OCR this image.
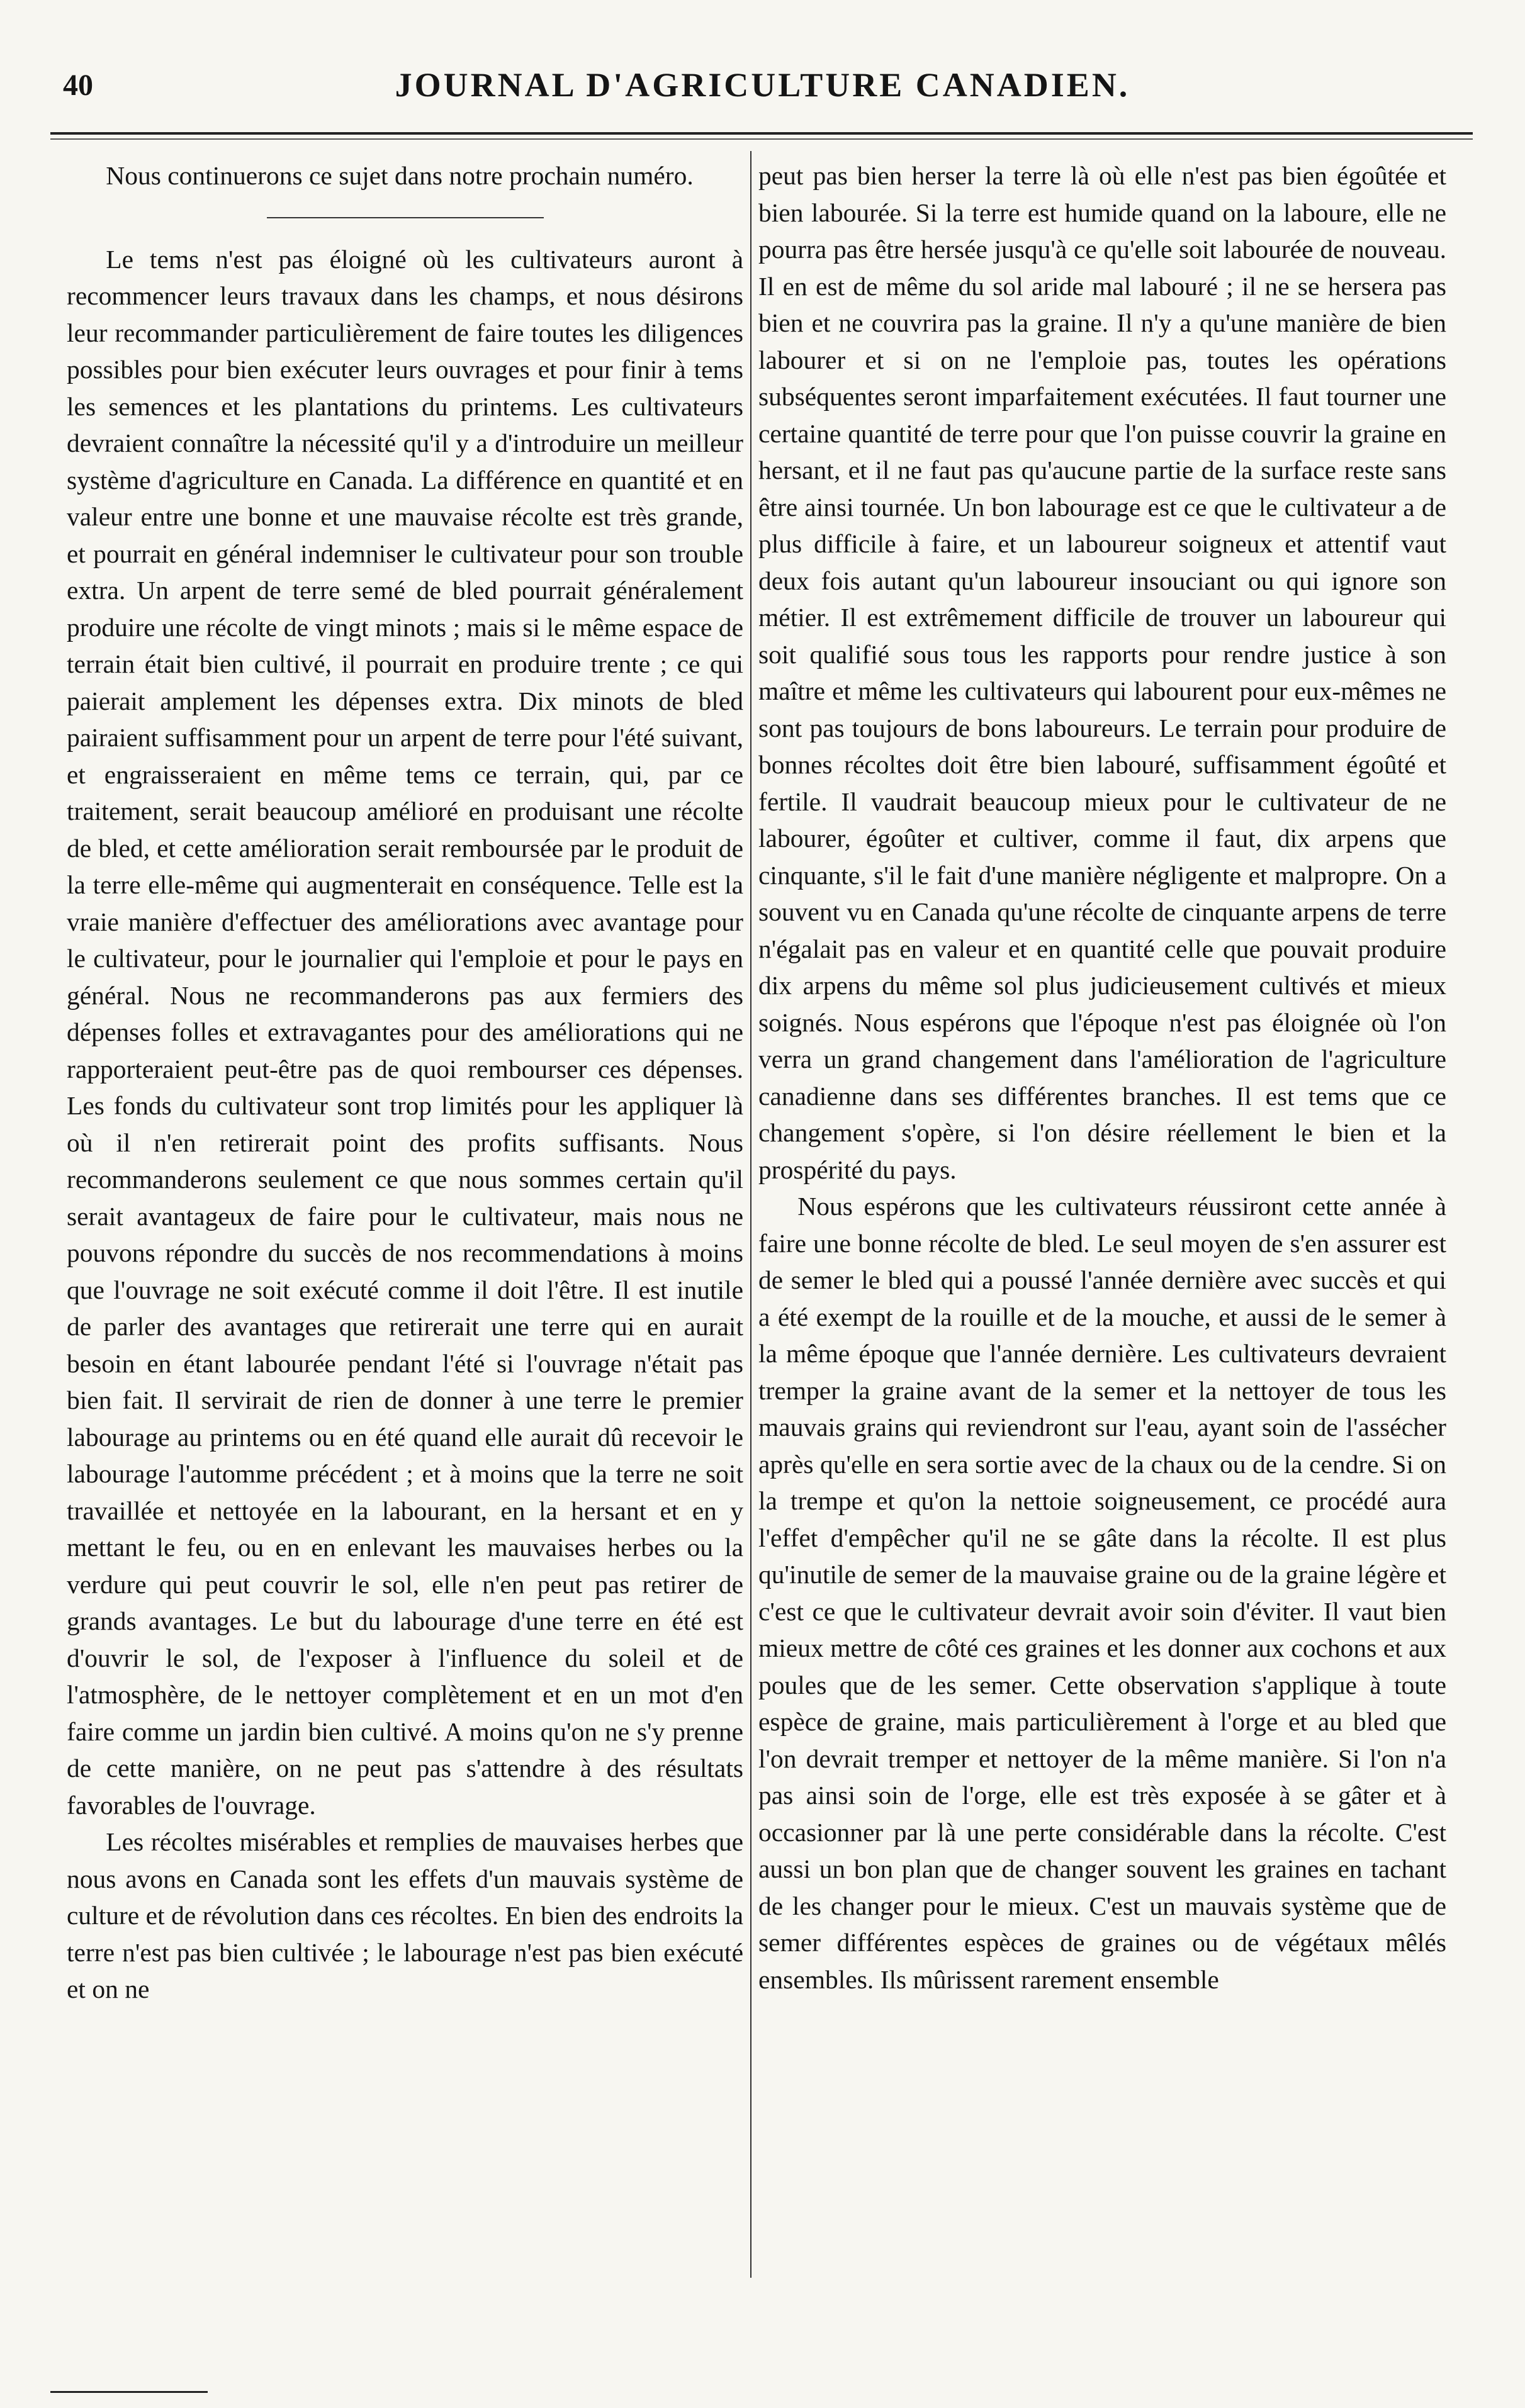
40	JOURNAL D'AGRICULTURE CANADIEN.

Nous continuerons ce sujet dans notre prochain numéro.

Le tems n'est pas éloigné où les cultivateurs auront à recommencer leurs travaux dans les champs, et nous désirons leur recommander particulièrement de faire toutes les diligences possibles pour bien exécuter leurs ouvrages et pour finir à tems les semences et les plantations du printems. Les cultivateurs devraient connaître la nécessité qu'il y a d'introduire un meilleur système d'agriculture en Canada. La différence en quantité et en valeur entre une bonne et une mauvaise récolte est très grande, et pourrait en général indemniser le cultivateur pour son trouble extra. Un arpent de terre semé de bled pourrait généralement produire une récolte de vingt minots ; mais si le même espace de terrain était bien cultivé, il pourrait en produire trente ; ce qui paierait amplement les dépenses extra. Dix minots de bled pairaient suffisamment pour un arpent de terre pour l'été suivant, et engraisseraient en même tems ce terrain, qui, par ce traitement, serait beaucoup amélioré en produisant une récolte de bled, et cette amélioration serait remboursée par le produit de la terre elle-même qui augmenterait en conséquence. Telle est la vraie manière d'effectuer des améliorations avec avantage pour le cultivateur, pour le journalier qui l'emploie et pour le pays en général. Nous ne recommanderons pas aux fermiers des dépenses folles et extravagantes pour des améliorations qui ne rapporteraient peut-être pas de quoi rembourser ces dépenses. Les fonds du cultivateur sont trop limités pour les appliquer là où il n'en retirerait point des profits suffisants. Nous recommanderons seulement ce que nous sommes certain qu'il serait avantageux de faire pour le cultivateur, mais nous ne pouvons répondre du succès de nos recommendations à moins que l'ouvrage ne soit exécuté comme il doit l'être. Il est inutile de parler des avantages que retirerait une terre qui en aurait besoin en étant labourée pendant l'été si l'ouvrage n'était pas bien fait. Il servirait de rien de donner à une terre le premier labourage au printems ou en été quand elle aurait dû recevoir le labourage l'automme précédent ; et à moins que la terre ne soit travaillée et nettoyée en la labourant, en la hersant et en y mettant le feu, ou en en enlevant les mauvaises herbes ou la verdure qui peut couvrir le sol, elle n'en peut pas retirer de grands avantages. Le but du labourage d'une terre en été est d'ouvrir le sol, de l'exposer à l'influence du soleil et de l'atmosphère, de le nettoyer complètement et en un mot d'en faire comme un jardin bien cultivé. A moins qu'on ne s'y prenne de cette manière, on ne peut pas s'attendre à des résultats favorables de l'ouvrage.

Les récoltes misérables et remplies de mauvaises herbes que nous avons en Canada sont les effets d'un mauvais système de culture et de révolution dans ces récoltes. En bien des endroits la terre n'est pas bien cultivée ; le labourage n'est pas bien exécuté et on ne

peut pas bien herser la terre là où elle n'est pas bien égoûtée et bien labourée. Si la terre est humide quand on la laboure, elle ne pourra pas être hersée jusqu'à ce qu'elle soit labourée de nouveau. Il en est de même du sol aride mal labouré ; il ne se hersera pas bien et ne couvrira pas la graine. Il n'y a qu'une manière de bien labourer et si on ne l'emploie pas, toutes les opérations subséquentes seront imparfaitement exécutées. Il faut tourner une certaine quantité de terre pour que l'on puisse couvrir la graine en hersant, et il ne faut pas qu'aucune partie de la surface reste sans être ainsi tournée. Un bon labourage est ce que le cultivateur a de plus difficile à faire, et un laboureur soigneux et attentif vaut deux fois autant qu'un laboureur insouciant ou qui ignore son métier. Il est extrêmement difficile de trouver un laboureur qui soit qualifié sous tous les rapports pour rendre justice à son maître et même les cultivateurs qui labourent pour eux-mêmes ne sont pas toujours de bons laboureurs. Le terrain pour produire de bonnes récoltes doit être bien labouré, suffisamment égoûté et fertile. Il vaudrait beaucoup mieux pour le cultivateur de ne labourer, égoûter et cultiver, comme il faut, dix arpens que cinquante, s'il le fait d'une manière négligente et malpropre. On a souvent vu en Canada qu'une récolte de cinquante arpens de terre n'égalait pas en valeur et en quantité celle que pouvait produire dix arpens du même sol plus judicieusement cultivés et mieux soignés. Nous espérons que l'époque n'est pas éloignée où l'on verra un grand changement dans l'amélioration de l'agriculture canadienne dans ses différentes branches. Il est tems que ce changement s'opère, si l'on désire réellement le bien et la prospérité du pays.

Nous espérons que les cultivateurs réussiront cette année à faire une bonne récolte de bled. Le seul moyen de s'en assurer est de semer le bled qui a poussé l'année dernière avec succès et qui a été exempt de la rouille et de la mouche, et aussi de le semer à la même époque que l'année dernière. Les cultivateurs devraient tremper la graine avant de la semer et la nettoyer de tous les mauvais grains qui reviendront sur l'eau, ayant soin de l'assécher après qu'elle en sera sortie avec de la chaux ou de la cendre. Si on la trempe et qu'on la nettoie soigneusement, ce procédé aura l'effet d'empêcher qu'il ne se gâte dans la récolte. Il est plus qu'inutile de semer de la mauvaise graine ou de la graine légère et c'est ce que le cultivateur devrait avoir soin d'éviter. Il vaut bien mieux mettre de côté ces graines et les donner aux cochons et aux poules que de les semer. Cette observation s'applique à toute espèce de graine, mais particulièrement à l'orge et au bled que l'on devrait tremper et nettoyer de la même manière. Si l'on n'a pas ainsi soin de l'orge, elle est très exposée à se gâter et à occasionner par là une perte considérable dans la récolte. C'est aussi un bon plan que de changer souvent les graines en tachant de les changer pour le mieux. C'est un mauvais système que de semer différentes espèces de graines ou de végétaux mêlés ensembles. Ils mûrissent rarement ensemble
